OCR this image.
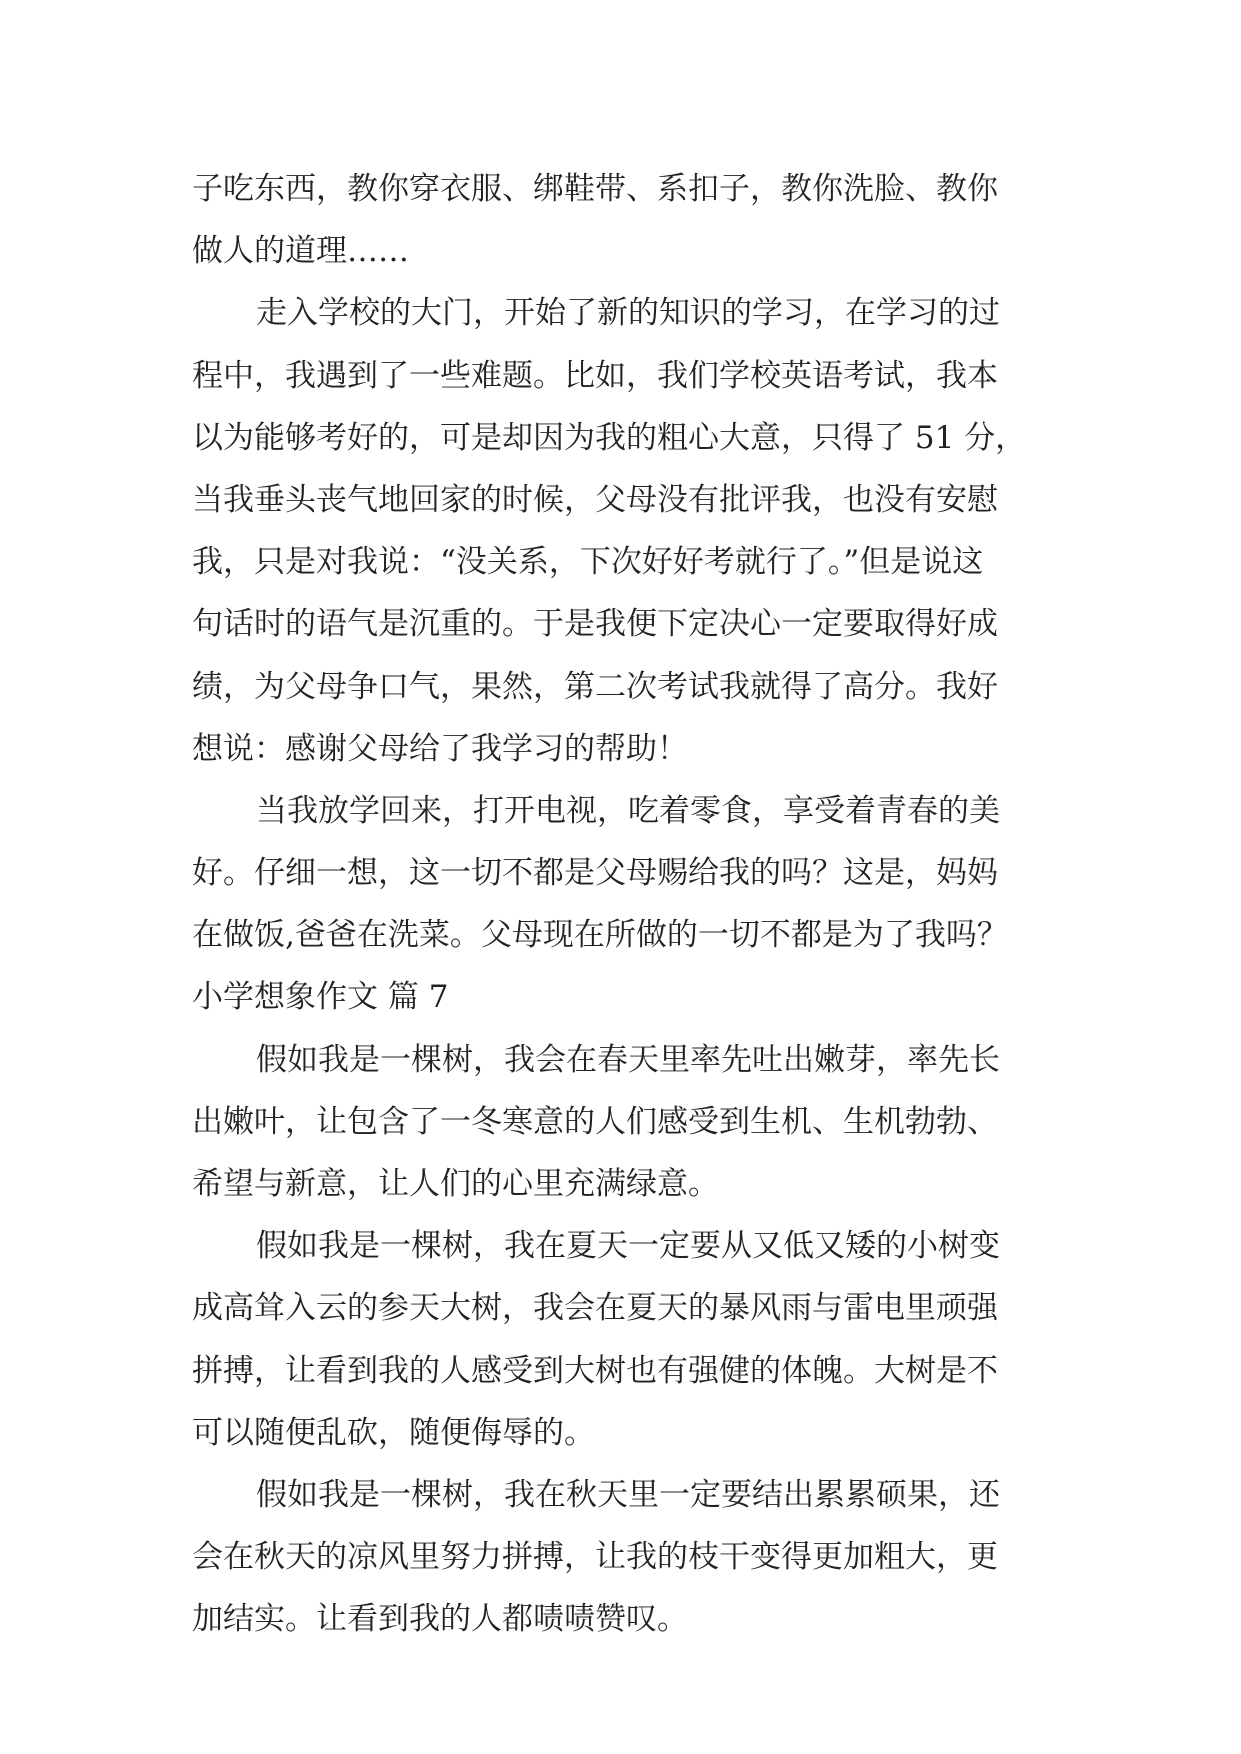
子吃东西，教你穿衣服、绑鞋带、系扣子，教你洗脸、教你
做人的道理……
走入学校的大门，开始了新的知识的学习，在学习的过
程中，我遇到了一些难题。比如，我们学校英语考试，我本
以为能够考好的，可是却因为我的粗心大意，只得了 51 分，
当我垂头丧气地回家的时候，父母没有批评我，也没有安慰
我，只是对我说：“没关系，下次好好考就行了。”但是说这
句话时的语气是沉重的。于是我便下定决心一定要取得好成
绩，为父母争口气，果然，第二次考试我就得了高分。我好
想说：感谢父母给了我学习的帮助！
当我放学回来，打开电视，吃着零食，享受着青春的美
好。仔细一想，这一切不都是父母赐给我的吗？这是，妈妈
在做饭,爸爸在洗菜。父母现在所做的一切不都是为了我吗？
小学想象作文 篇 7
假如我是一棵树，我会在春天里率先吐出嫩芽，率先长
出嫩叶，让包含了一冬寒意的人们感受到生机、生机勃勃、
希望与新意，让人们的心里充满绿意。
假如我是一棵树，我在夏天一定要从又低又矮的小树变
成高耸入云的参天大树，我会在夏天的暴风雨与雷电里顽强
拼搏，让看到我的人感受到大树也有强健的体魄。大树是不
可以随便乱砍，随便侮辱的。
假如我是一棵树，我在秋天里一定要结出累累硕果，还
会在秋天的凉风里努力拼搏，让我的枝干变得更加粗大，更
加结实。让看到我的人都啧啧赞叹。
